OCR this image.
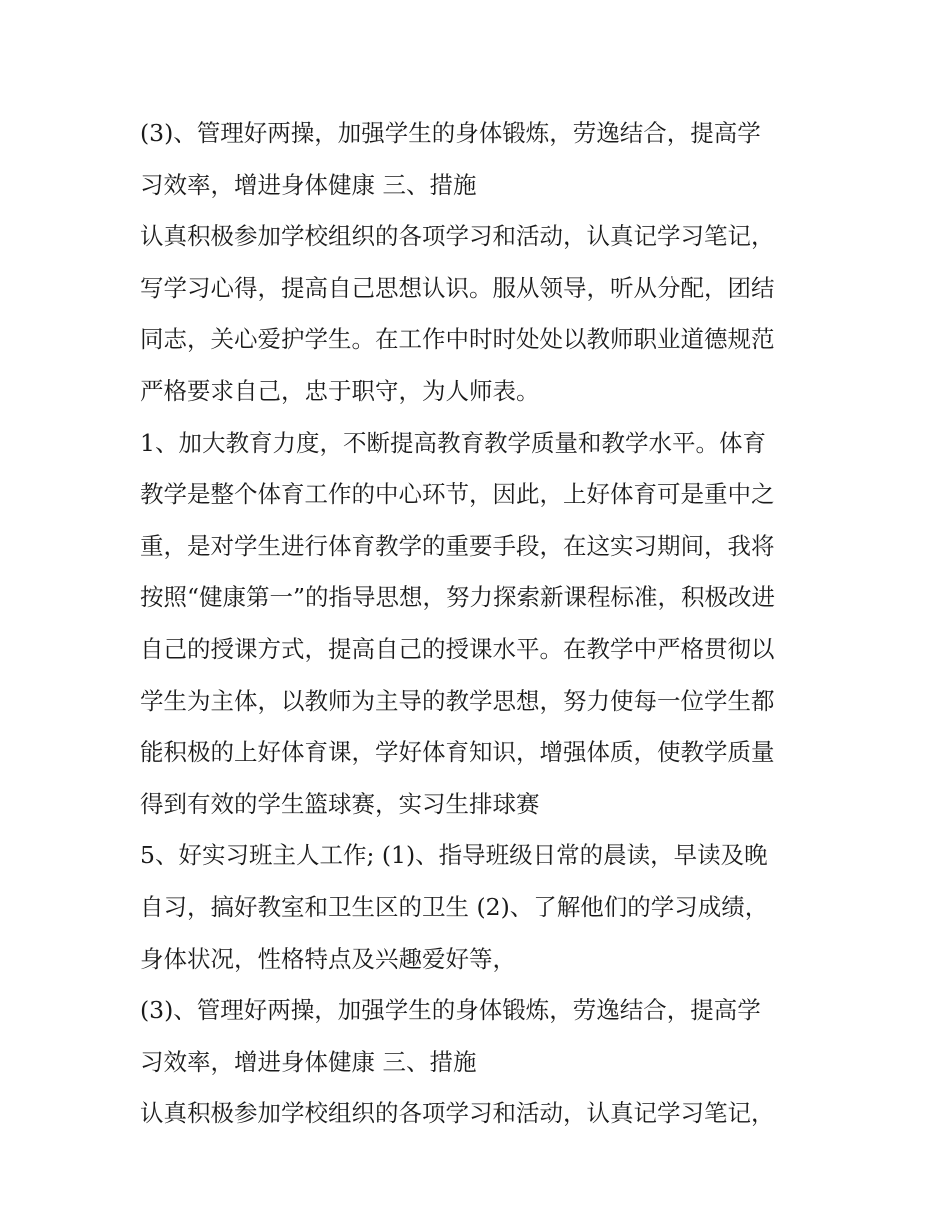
(3)、管理好两操，加强学生的身体锻炼，劳逸结合，提高学
习效率，增进身体健康 三、措施
认真积极参加学校组织的各项学习和活动，认真记学习笔记，
写学习心得，提高自己思想认识。服从领导，听从分配，团结
同志，关心爱护学生。在工作中时时处处以教师职业道德规范
严格要求自己，忠于职守，为人师表。
1、加大教育力度，不断提高教育教学质量和教学水平。体育
教学是整个体育工作的中心环节，因此，上好体育可是重中之
重，是对学生进行体育教学的重要手段，在这实习期间，我将
按照“健康第一”的指导思想，努力探索新课程标准，积极改进
自己的授课方式，提高自己的授课水平。在教学中严格贯彻以
学生为主体，以教师为主导的教学思想，努力使每一位学生都
能积极的上好体育课，学好体育知识，增强体质，使教学质量
得到有效的学生篮球赛，实习生排球赛
5、好实习班主人工作; (1)、指导班级日常的晨读，早读及晚
自习，搞好教室和卫生区的卫生 (2)、了解他们的学习成绩，
身体状况，性格特点及兴趣爱好等，
(3)、管理好两操，加强学生的身体锻炼，劳逸结合，提高学
习效率，增进身体健康 三、措施
认真积极参加学校组织的各项学习和活动，认真记学习笔记，
